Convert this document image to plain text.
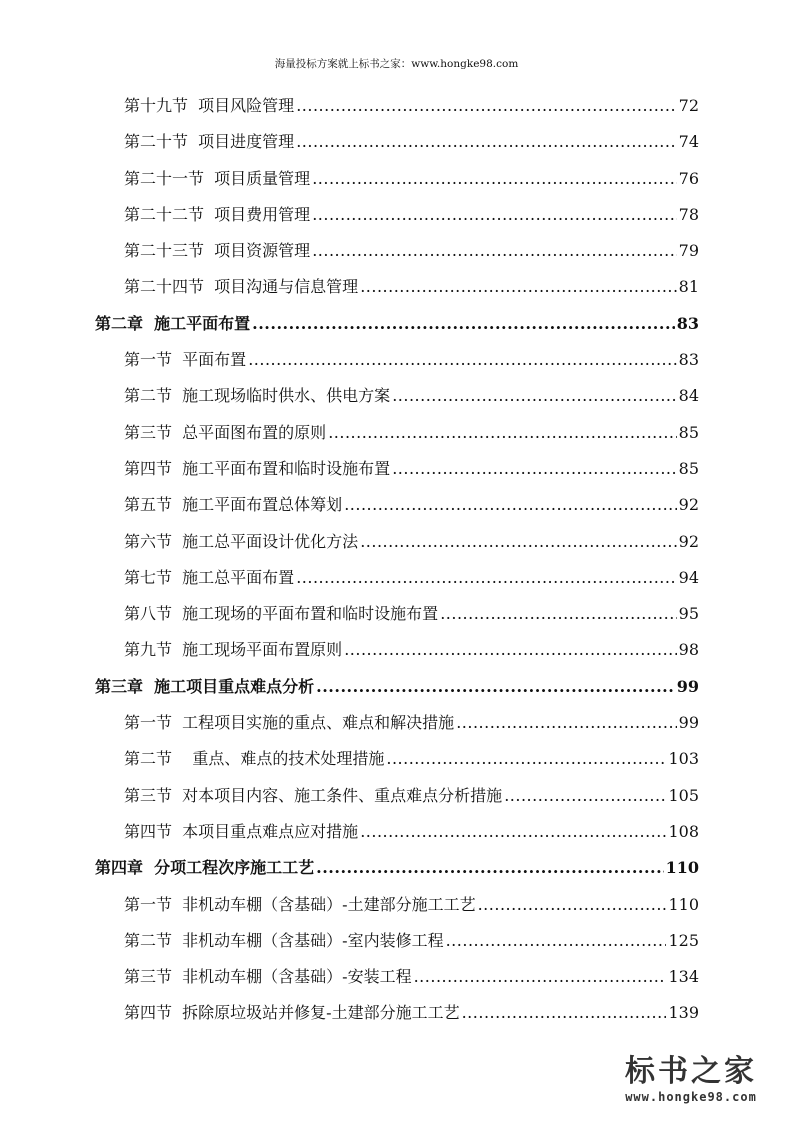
海量投标方案就上标书之家：www.hongke98.com
第十九节  项目风险管理 .....	72
第二十节  项目进度管理 .....	74
第二十一节  项目质量管理 .....	76
第二十二节  项目费用管理 .....	78
第二十三节  项目资源管理 .....	79
第二十四节  项目沟通与信息管理 .....	81
第二章  施工平面布置 .....	83
第一节  平面布置 .....	83
第二节  施工现场临时供水、供电方案 .....	84
第三节  总平面图布置的原则 .....	85
第四节  施工平面布置和临时设施布置 .....	85
第五节  施工平面布置总体筹划 .....	92
第六节  施工总平面设计优化方法 .....	92
第七节  施工总平面布置 .....	94
第八节  施工现场的平面布置和临时设施布置 .....	95
第九节  施工现场平面布置原则 .....	98
第三章  施工项目重点难点分析 .....	99
第一节  工程项目实施的重点、难点和解决措施 .....	99
第二节    重点、难点的技术处理措施 .....	103
第三节  对本项目内容、施工条件、重点难点分析措施 .....	105
第四节  本项目重点难点应对措施 .....	108
第四章  分项工程次序施工工艺 .....	110
第一节  非机动车棚（含基础）-土建部分施工工艺 .....	110
第二节  非机动车棚（含基础）-室内装修工程 .....	125
第三节  非机动车棚（含基础）-安装工程 .....	134
第四节  拆除原垃圾站并修复-土建部分施工工艺 .....	139
标书之家
www.hongke98.com
